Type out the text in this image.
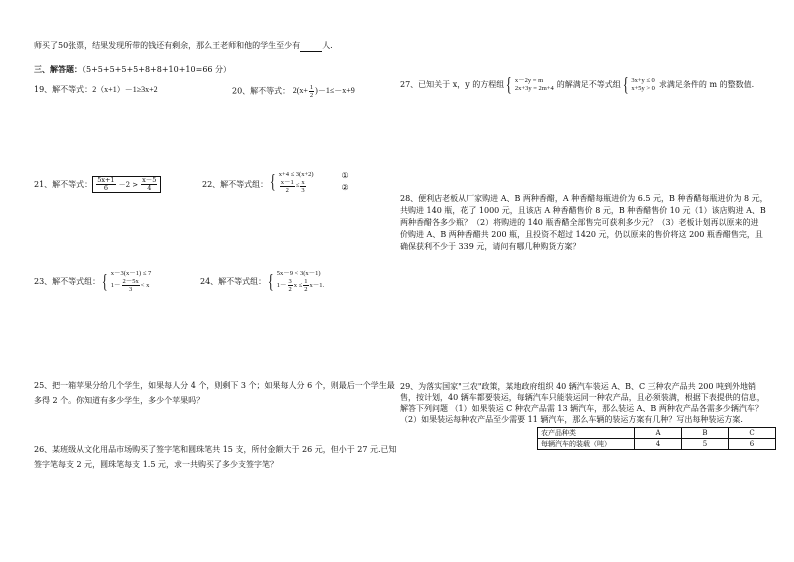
师买了50张票，结果发现所带的钱还有剩余，那么王老师和他的学生至少有	人.
三、解答题：（5+5+5+5+5+8+8+10+10=66 分）
19、解不等式：2（x+1）－1≥3x+2	20、解不等式： $2(x+ \frac{1}{2} )-1\le-x+9$
21、解不等式： $\frac{5x+1}{6} -2 > \frac{x-5}{4}$	22、解不等式组： { x+4 ≤ 3(x+2)
$\frac{x-1}{2} \le \frac{x}{3}$
①
②
23、解不等式组： { x－3(x－1) ≤ 7
$1- \frac{2-5x}{3} < x$	24、解不等式组： { 5x－9 < 3(x－1)
$1- \frac{3}{2}$ $x \le \frac{1}{2} x-1$.
25、把一箱苹果分给几个学生，如果每人分 4 个，则剩下 3 个；如果每人分 6 个，则最后一个学生最
多得 2 个。你知道有多少学生，多少个苹果吗？
26、某班级从文化用品市场购买了签字笔和圆珠笔共 15 支，所付金额大于 26 元，但小于 27 元.已知
签字笔每支 2 元，圆珠笔每支 1.5 元，求一共购买了多少支签字笔？
27、已知关于 x，y 的方程组 { x－2y = m
2x+3y = 2m+4 的解满足不等式组 { 3x+y ≤ 0
x+5y > 0 求满足条件的 m 的整数值.
28、便利店老板从厂家购进 A、B 两种香醋，A 种香醋每瓶进价为 6.5 元，B 种香醋每瓶进价为 8 元，
共购进 140 瓶，花了 1000 元，且该店 A 种香醋售价 8 元，B 种香醋售价 10 元（1）该店购进 A、B
两种香醋各多少瓶？（2）将购进的 140 瓶香醋全部售完可获利多少元？（3）老板计划再以原来的进
价购进 A、B 两种香醋共 200 瓶，且投资不超过 1420 元，仍以原来的售价将这 200 瓶香醋售完，且
确保获利不少于 339 元，请问有哪几种购货方案？
29、为落实国家"三农"政策，某地政府组织 40 辆汽车装运 A、B、C 三种农产品共 200 吨到外地销
售，按计划，40 辆车都要装运，每辆汽车只能装运同一种农产品，且必须装满，根据下表提供的信息，
解答下列问题 （1）如果装运 C 种农产品需 13 辆汽车，那么装运 A、B 两种农产品各需多少辆汽车？
（2）如果装运每种农产品至少需要 11 辆汽车，那么车辆的装运方案有几种？写出每种装运方案.
农产品种类	A	B	C
每辆汽车的装载（吨）	4	5	6
